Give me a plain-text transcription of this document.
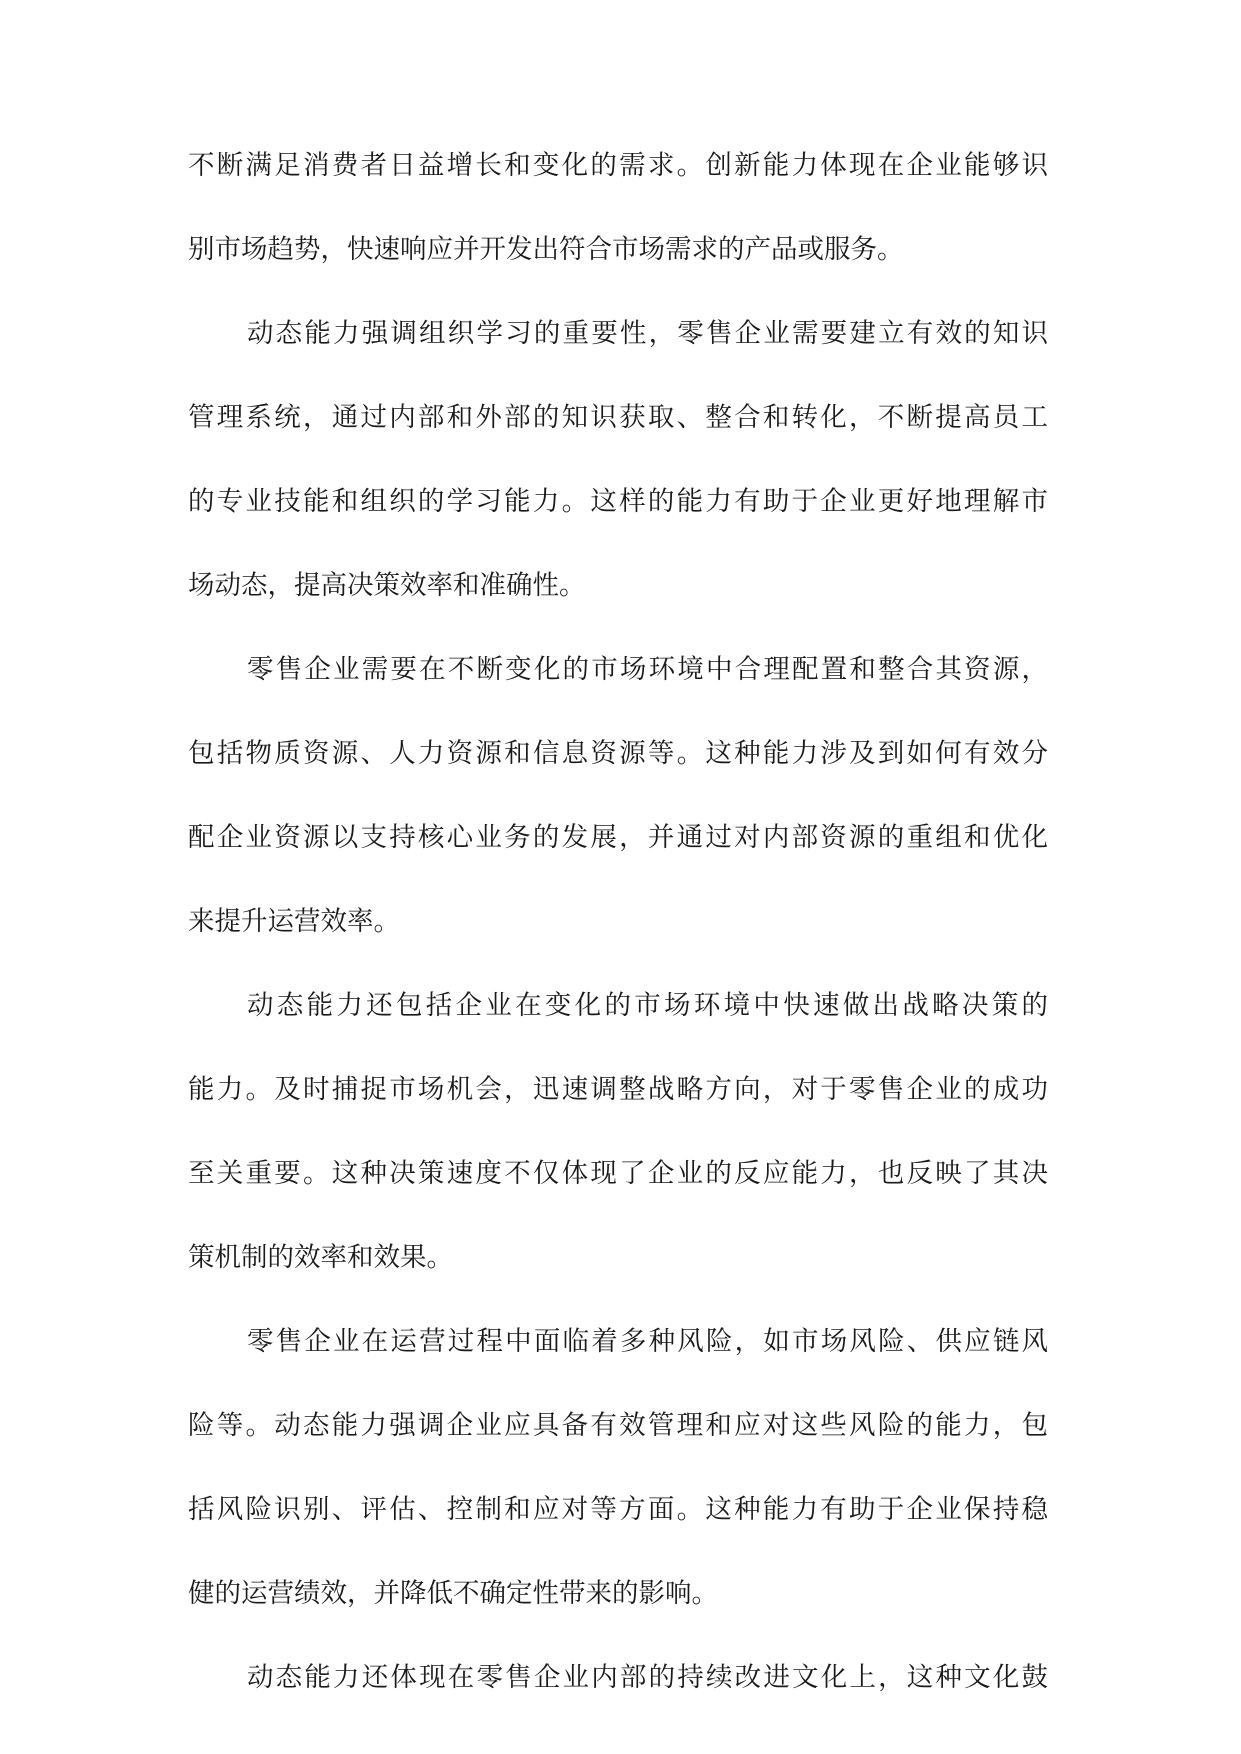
不断满足消费者日益增长和变化的需求。创新能力体现在企业能够识
别市场趋势，快速响应并开发出符合市场需求的产品或服务。
动态能力强调组织学习的重要性，零售企业需要建立有效的知识
管理系统，通过内部和外部的知识获取、整合和转化，不断提高员工
的专业技能和组织的学习能力。这样的能力有助于企业更好地理解市
场动态，提高决策效率和准确性。
零售企业需要在不断变化的市场环境中合理配置和整合其资源，
包括物质资源、人力资源和信息资源等。这种能力涉及到如何有效分
配企业资源以支持核心业务的发展，并通过对内部资源的重组和优化
来提升运营效率。
动态能力还包括企业在变化的市场环境中快速做出战略决策的
能力。及时捕捉市场机会，迅速调整战略方向，对于零售企业的成功
至关重要。这种决策速度不仅体现了企业的反应能力，也反映了其决
策机制的效率和效果。
零售企业在运营过程中面临着多种风险，如市场风险、供应链风
险等。动态能力强调企业应具备有效管理和应对这些风险的能力，包
括风险识别、评估、控制和应对等方面。这种能力有助于企业保持稳
健的运营绩效，并降低不确定性带来的影响。
动态能力还体现在零售企业内部的持续改进文化上，这种文化鼓
